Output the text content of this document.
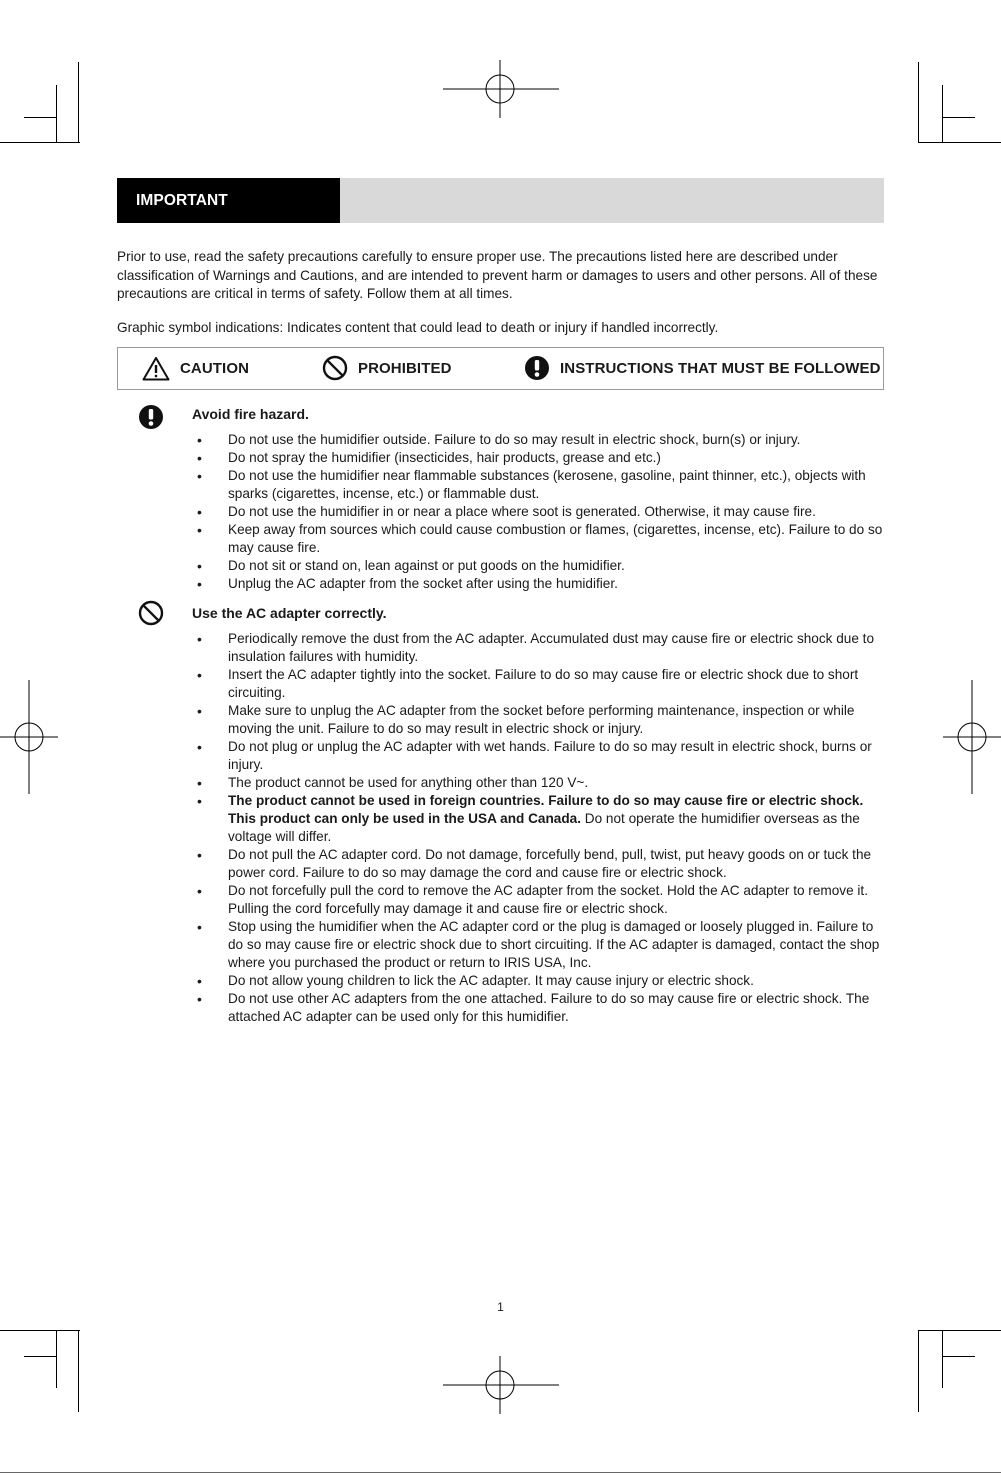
IMPORTANT SAFEGUARDS

Prior to use, read the safety precautions carefully to ensure proper use. The precautions listed here are described under classification of Warnings and Cautions, and are intended to prevent harm or damages to users and other persons. All of these precautions are critical in terms of safety. Follow them at all times.

Graphic symbol indications: Indicates content that could lead to death or injury if handled incorrectly.

CAUTION	PROHIBITED	INSTRUCTIONS THAT MUST BE FOLLOWED

Avoid fire hazard.

• Do not use the humidifier outside. Failure to do so may result in electric shock, burn(s) or injury.
• Do not spray the humidifier (insecticides, hair products, grease and etc.)
• Do not use the humidifier near flammable substances (kerosene, gasoline, paint thinner, etc.), objects with sparks (cigarettes, incense, etc.) or flammable dust.
• Do not use the humidifier in or near a place where soot is generated. Otherwise, it may cause fire.
• Keep away from sources which could cause combustion or flames, (cigarettes, incense, etc). Failure to do so may cause fire.
• Do not sit or stand on, lean against or put goods on the humidifier.
• Unplug the AC adapter from the socket after using the humidifier.

Use the AC adapter correctly.

• Periodically remove the dust from the AC adapter. Accumulated dust may cause fire or electric shock due to insulation failures with humidity.
• Insert the AC adapter tightly into the socket. Failure to do so may cause fire or electric shock due to short circuiting.
• Make sure to unplug the AC adapter from the socket before performing maintenance, inspection or while moving the unit. Failure to do so may result in electric shock or injury.
• Do not plug or unplug the AC adapter with wet hands. Failure to do so may result in electric shock, burns or injury.
• The product cannot be used for anything other than 120 V~.
• The product cannot be used in foreign countries. Failure to do so may cause fire or electric shock. This product can only be used in the USA and Canada. Do not operate the humidifier overseas as the voltage will differ.
• Do not pull the AC adapter cord. Do not damage, forcefully bend, pull, twist, put heavy goods on or tuck the power cord. Failure to do so may damage the cord and cause fire or electric shock.
• Do not forcefully pull the cord to remove the AC adapter from the socket. Hold the AC adapter to remove it. Pulling the cord forcefully may damage it and cause fire or electric shock.
• Stop using the humidifier when the AC adapter cord or the plug is damaged or loosely plugged in. Failure to do so may cause fire or electric shock due to short circuiting. If the AC adapter is damaged, contact the shop where you purchased the product or return to IRIS USA, Inc.
• Do not allow young children to lick the AC adapter. It may cause injury or electric shock.
• Do not use other AC adapters from the one attached. Failure to do so may cause fire or electric shock. The attached AC adapter can be used only for this humidifier.
1
